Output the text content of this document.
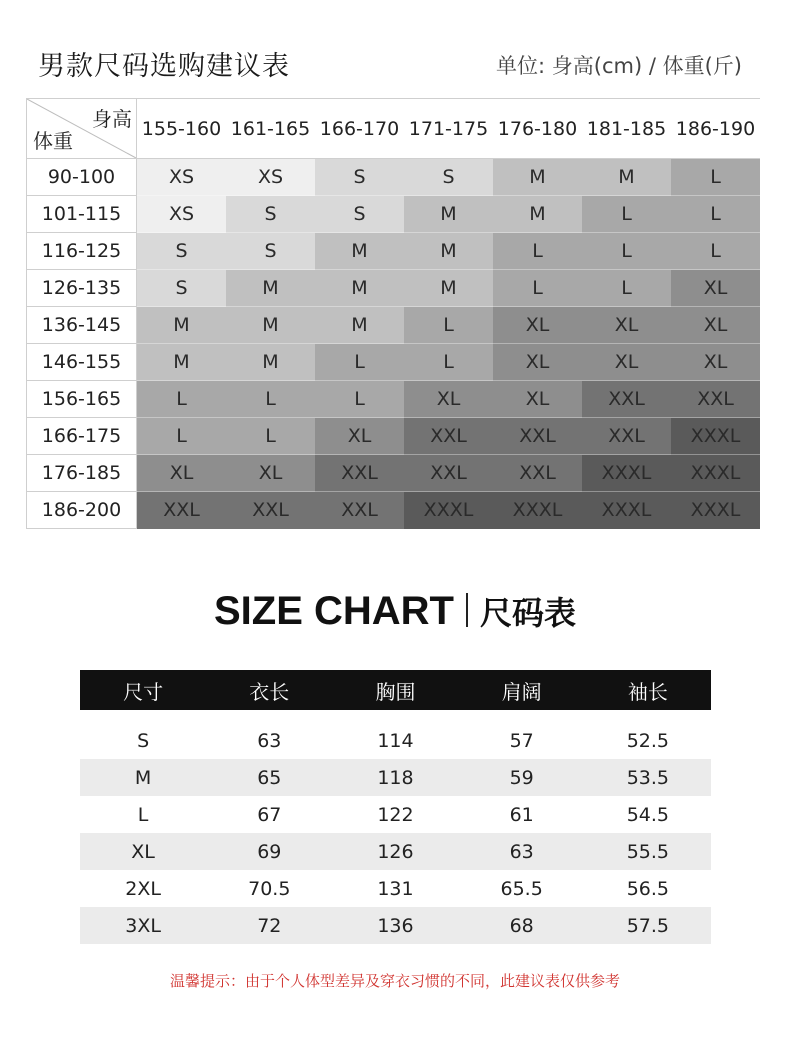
男款尺码选购建议表	单位: 身高(cm) / 体重(斤)
身高
体重	155-160	161-165	166-170	171-175	176-180	181-185	186-190
90-100	XS	XS	S	S	M	M	L
101-115	XS	S	S	M	M	L	L
116-125	S	S	M	M	L	L	L
126-135	S	M	M	M	L	L	XL
136-145	M	M	M	L	XL	XL	XL
146-155	M	M	L	L	XL	XL	XL
156-165	L	L	L	XL	XL	XXL	XXL
166-175	L	L	XL	XXL	XXL	XXL	XXXL
176-185	XL	XL	XXL	XXL	XXL	XXXL	XXXL
186-200	XXL	XXL	XXL	XXXL	XXXL	XXXL	XXXL
SIZE CHART 尺码表
尺寸	衣长	胸围	肩阔	袖长

S	63	114	57	52.5
M	65	118	59	53.5
L	67	122	61	54.5
XL	69	126	63	55.5
2XL	70.5	131	65.5	56.5
3XL	72	136	68	57.5
温馨提示：由于个人体型差异及穿衣习惯的不同，此建议表仅供参考
